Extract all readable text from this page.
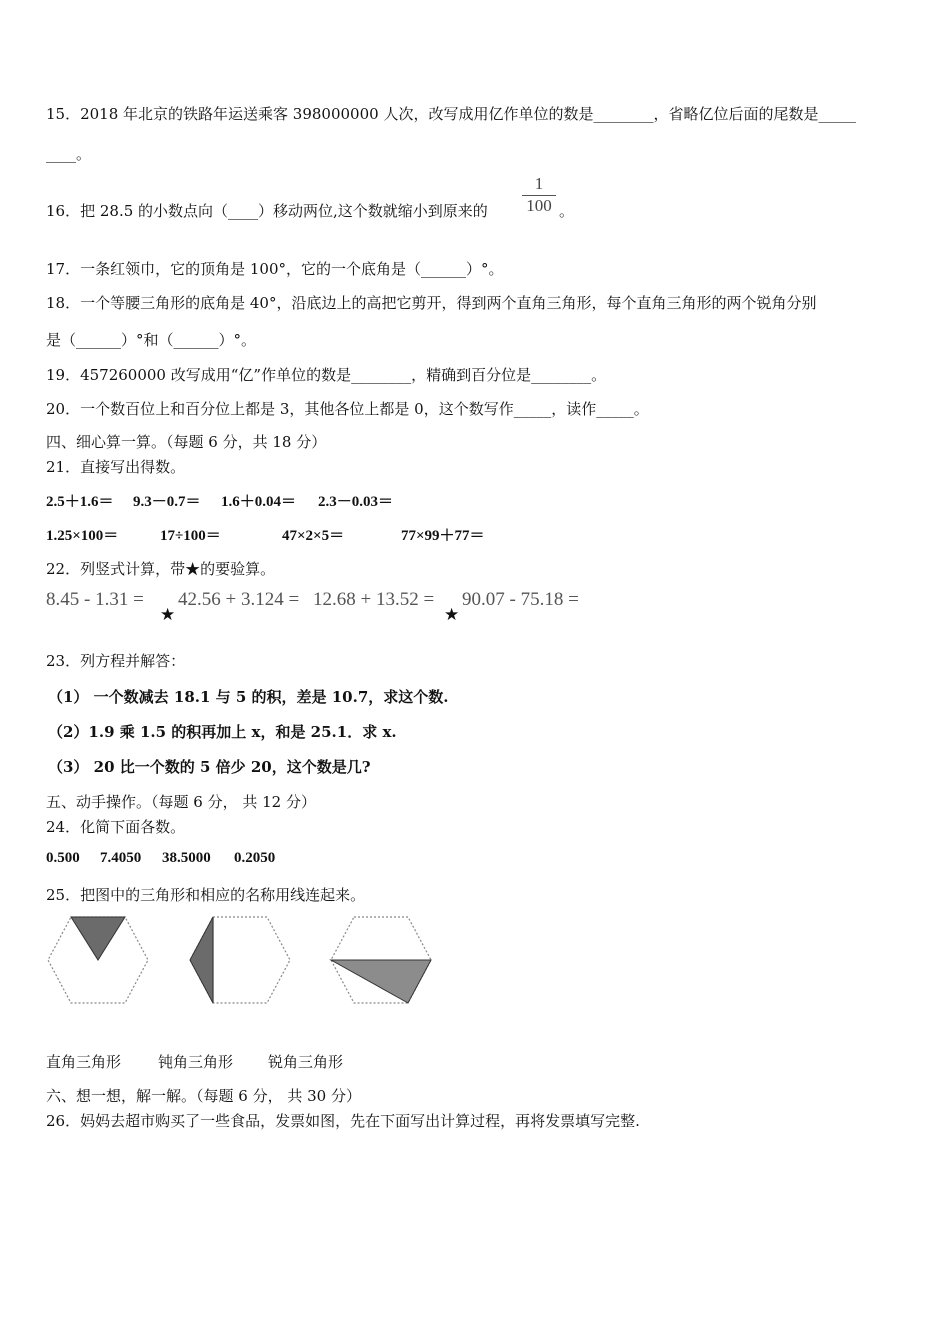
15．2018 年北京的铁路年运送乘客 398000000 人次，改写成用亿作单位的数是________，省略亿位后面的尾数是_____
____。
16．把 28.5 的小数点向（____）移动两位,这个数就缩小到原来的 $\frac{1}{100}$ 。
17．一条红领巾，它的顶角是 100°，它的一个底角是（______）°。
18．一个等腰三角形的底角是 40°，沿底边上的高把它剪开，得到两个直角三角形，每个直角三角形的两个锐角分别
是（______）°和（______）°。
19．457260000 改写成用“亿”作单位的数是________，精确到百分位是________。
20．一个数百位上和百分位上都是 3，其他各位上都是 0，这个数写作_____，读作_____。
四、细心算一算。（每题 6 分，共 18 分）
21．直接写出得数。
2.5＋1.6＝ 9.3－0.7＝ 1.6＋0.04＝ 2.3－0.03＝
1.25×100＝	17÷100＝	47×2×5＝	77×99＋77＝
22．列竖式计算，带★的要验算。
8.45 - 1.31 =
★
42.56 + 3.124 = 12.68 + 13.52 =
★
90.07 - 75.18 =
23．列方程并解答：
（1） 一个数减去 18.1 与 5 的积，差是 10.7，求这个数.
（2）1.9 乘 1.5 的积再加上 x，和是 25.1．求 x.
（3） 20 比一个数的 5 倍少 20，这个数是几?
五、动手操作。（每题 6 分， 共 12 分）
24．化简下面各数。
0.500 7.4050 38.5000 0.2050
25．把图中的三角形和相应的名称用线连起来。
直角三角形 钝角三角形 锐角三角形
六、想一想，解一解。（每题 6 分， 共 30 分）
26．妈妈去超市购买了一些食品，发票如图，先在下面写出计算过程，再将发票填写完整.
